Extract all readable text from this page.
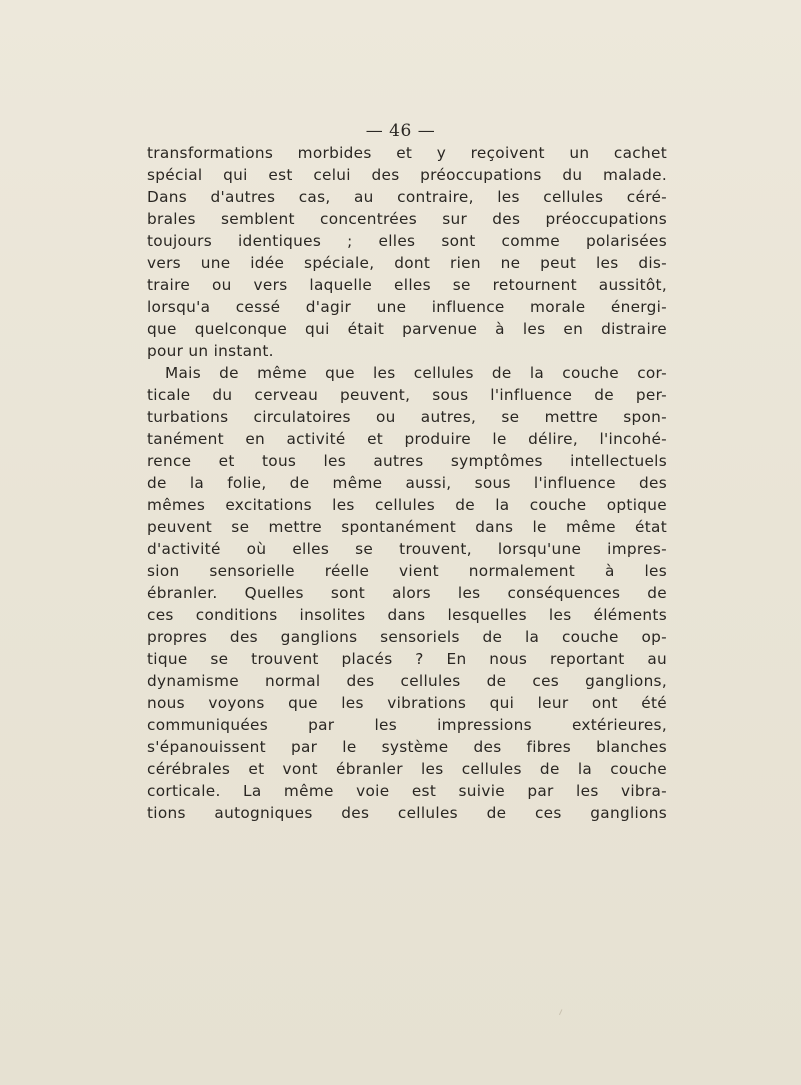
— 46 —
transformations morbides et y reçoivent un cachet
spécial qui est celui des préoccupations du malade.
Dans d'autres cas, au contraire, les cellules céré-
brales semblent concentrées sur des préoccupations
toujours identiques ; elles sont comme polarisées
vers une idée spéciale, dont rien ne peut les dis-
traire ou vers laquelle elles se retournent aussitôt,
lorsqu'a cessé d'agir une influence morale énergi-
que quelconque qui était parvenue à les en distraire
pour un instant.
Mais de même que les cellules de la couche cor-
ticale du cerveau peuvent, sous l'influence de per-
turbations circulatoires ou autres, se mettre spon-
tanément en activité et produire le délire, l'incohé-
rence et tous les autres symptômes intellectuels
de la folie, de même aussi, sous l'influence des
mêmes excitations les cellules de la couche optique
peuvent se mettre spontanément dans le même état
d'activité où elles se trouvent, lorsqu'une impres-
sion sensorielle réelle vient normalement à les
ébranler. Quelles sont alors les conséquences de
ces conditions insolites dans lesquelles les éléments
propres des ganglions sensoriels de la couche op-
tique se trouvent placés ? En nous reportant au
dynamisme normal des cellules de ces ganglions,
nous voyons que les vibrations qui leur ont été
communiquées par les impressions extérieures,
s'épanouissent par le système des fibres blanches
cérébrales et vont ébranler les cellules de la couche
corticale. La même voie est suivie par les vibra-
tions autogniques des cellules de ces ganglions
